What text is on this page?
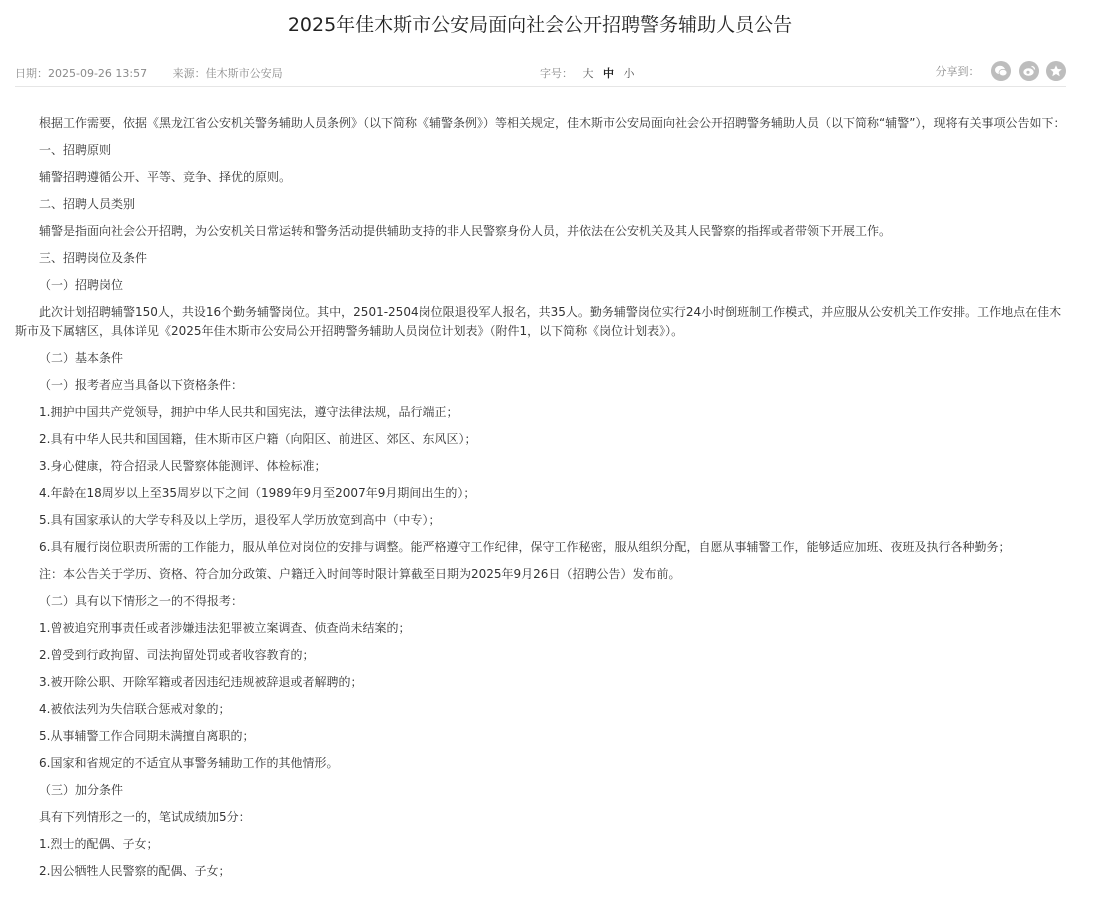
2025年佳木斯市公安局面向社会公开招聘警务辅助人员公告
日期：2025-09-26 13:57 来源：佳木斯市公安局	字号： 大 中 小	分享到：

根据工作需要，依据《黑龙江省公安机关警务辅助人员条例》（以下简称《辅警条例》）等相关规定，佳木斯市公安局面向社会公开招聘警务辅助人员（以下简称“辅警”），现将有关事项公告如下：

一、招聘原则

辅警招聘遵循公开、平等、竞争、择优的原则。

二、招聘人员类别

辅警是指面向社会公开招聘，为公安机关日常运转和警务活动提供辅助支持的非人民警察身份人员，并依法在公安机关及其人民警察的指挥或者带领下开展工作。

三、招聘岗位及条件

（一）招聘岗位

此次计划招聘辅警150人，共设16个勤务辅警岗位。其中，2501-2504岗位限退役军人报名，共35人。勤务辅警岗位实行24小时倒班制工作模式，并应服从公安机关工作安排。工作地点在佳木斯市及下属辖区，具体详见《2025年佳木斯市公安局公开招聘警务辅助人员岗位计划表》（附件1，以下简称《岗位计划表》）。

（二）基本条件

（一）报考者应当具备以下资格条件：

1.拥护中国共产党领导，拥护中华人民共和国宪法，遵守法律法规，品行端正；

2.具有中华人民共和国国籍，佳木斯市区户籍（向阳区、前进区、郊区、东风区）；

3.身心健康，符合招录人民警察体能测评、体检标准；

4.年龄在18周岁以上至35周岁以下之间（1989年9月至2007年9月期间出生的）；

5.具有国家承认的大学专科及以上学历，退役军人学历放宽到高中（中专）；

6.具有履行岗位职责所需的工作能力，服从单位对岗位的安排与调整。能严格遵守工作纪律，保守工作秘密，服从组织分配，自愿从事辅警工作，能够适应加班、夜班及执行各种勤务；

注：本公告关于学历、资格、符合加分政策、户籍迁入时间等时限计算截至日期为2025年9月26日（招聘公告）发布前。

（二）具有以下情形之一的不得报考：

1.曾被追究刑事责任或者涉嫌违法犯罪被立案调查、侦查尚未结案的；

2.曾受到行政拘留、司法拘留处罚或者收容教育的；

3.被开除公职、开除军籍或者因违纪违规被辞退或者解聘的；

4.被依法列为失信联合惩戒对象的；

5.从事辅警工作合同期未满擅自离职的；

6.国家和省规定的不适宜从事警务辅助工作的其他情形。

（三）加分条件

具有下列情形之一的，笔试成绩加5分：

1.烈士的配偶、子女；

2.因公牺牲人民警察的配偶、子女；
